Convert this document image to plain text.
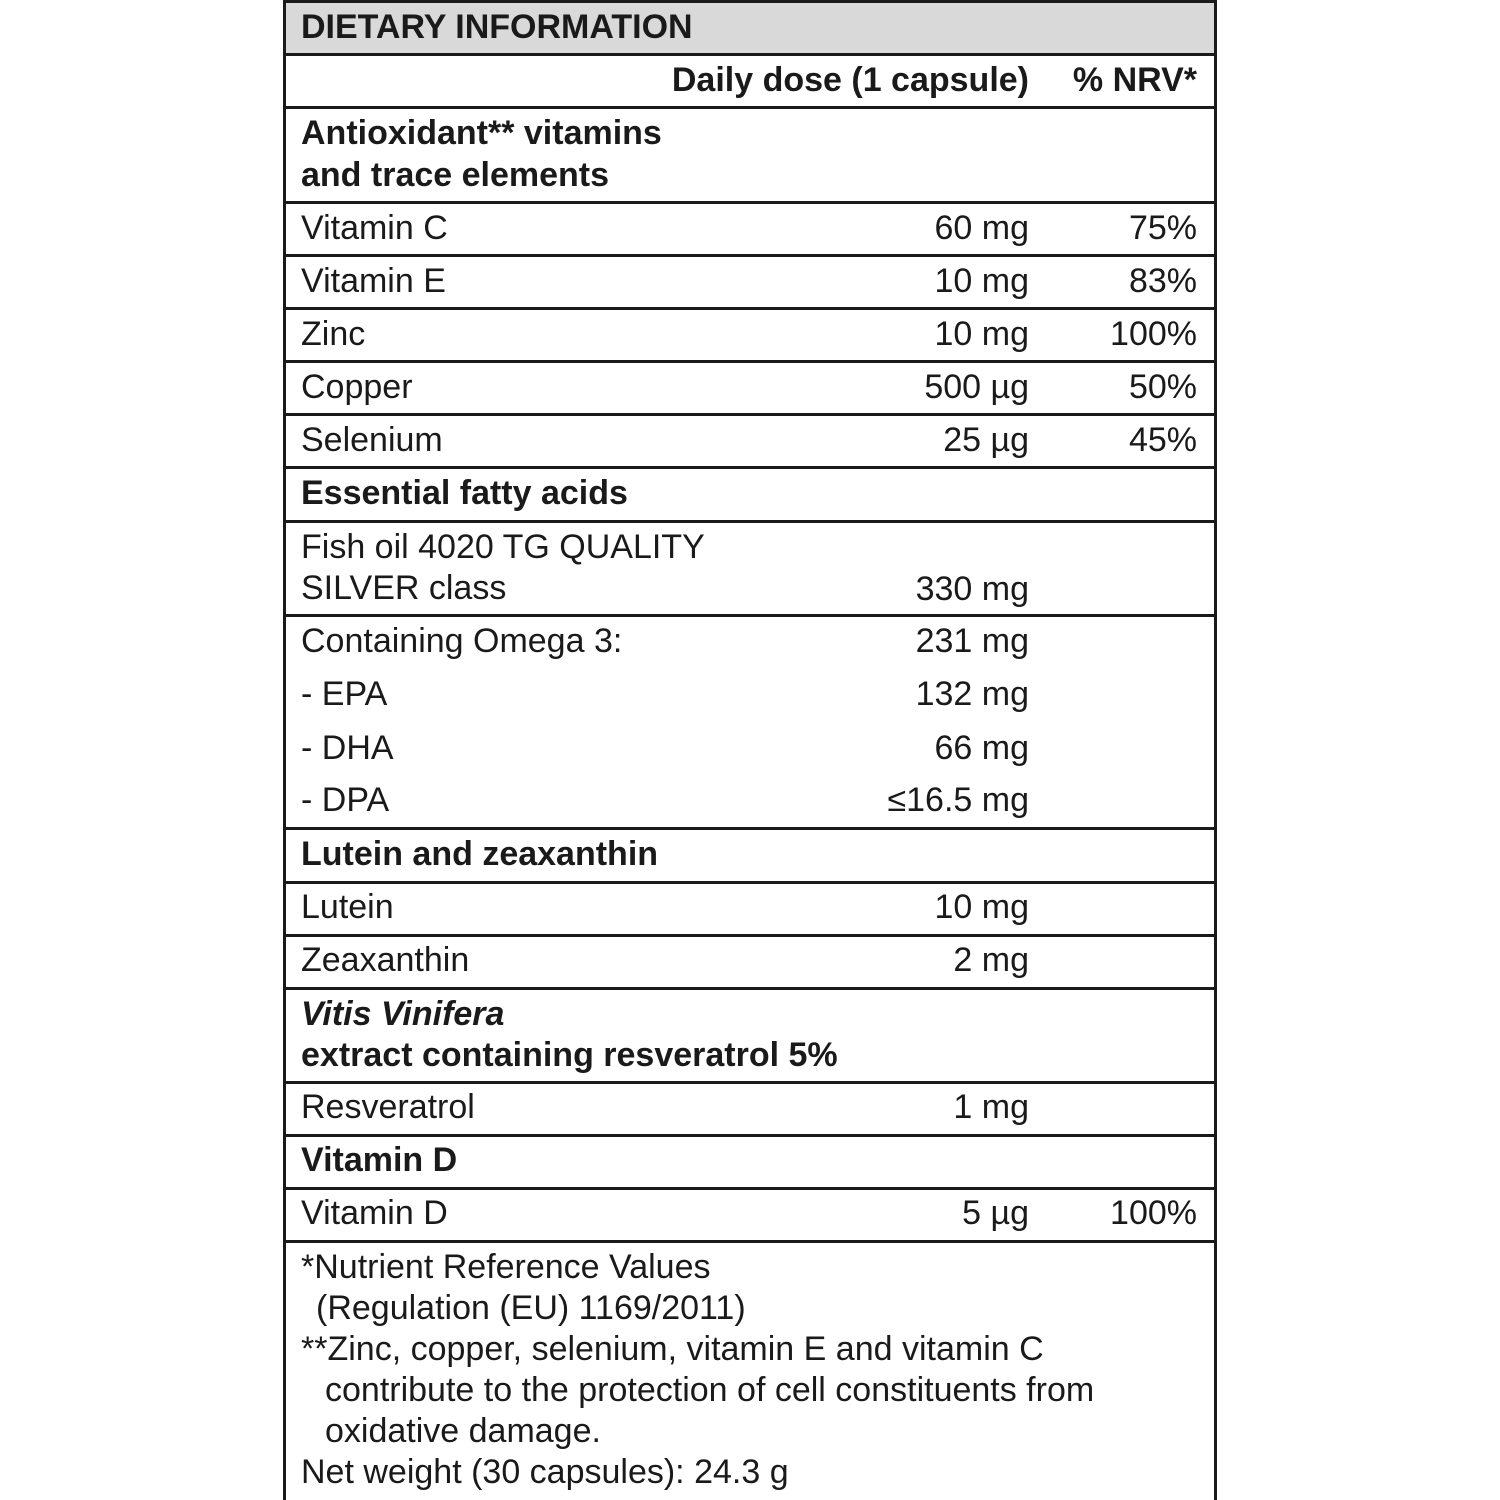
DIETARY INFORMATION
Daily dose (1 capsule) % NRV*
Antioxidant** vitamins
and trace elements
Vitamin C	60 mg	75%
Vitamin E	10 mg	83%
Zinc	10 mg 100%
Copper	500 µg	50%
Selenium	25 µg	45%
Essential fatty acids
Fish oil 4020 TG QUALITY
SILVER class	330 mg
Containing Omega 3:	231 mg
- EPA	132 mg
- DHA	66 mg
- DPA	≤16.5 mg
Lutein and zeaxanthin
Lutein	10 mg
Zeaxanthin	2 mg
Vitis Vinifera
extract containing resveratrol 5%
Resveratrol	1 mg
Vitamin D
Vitamin D	5 µg 100%
*Nutrient Reference Values
(Regulation (EU) 1169/2011)
**Zinc, copper, selenium, vitamin E and vitamin C
contribute to the protection of cell constituents from
oxidative damage.
Net weight (30 capsules): 24.3 g
